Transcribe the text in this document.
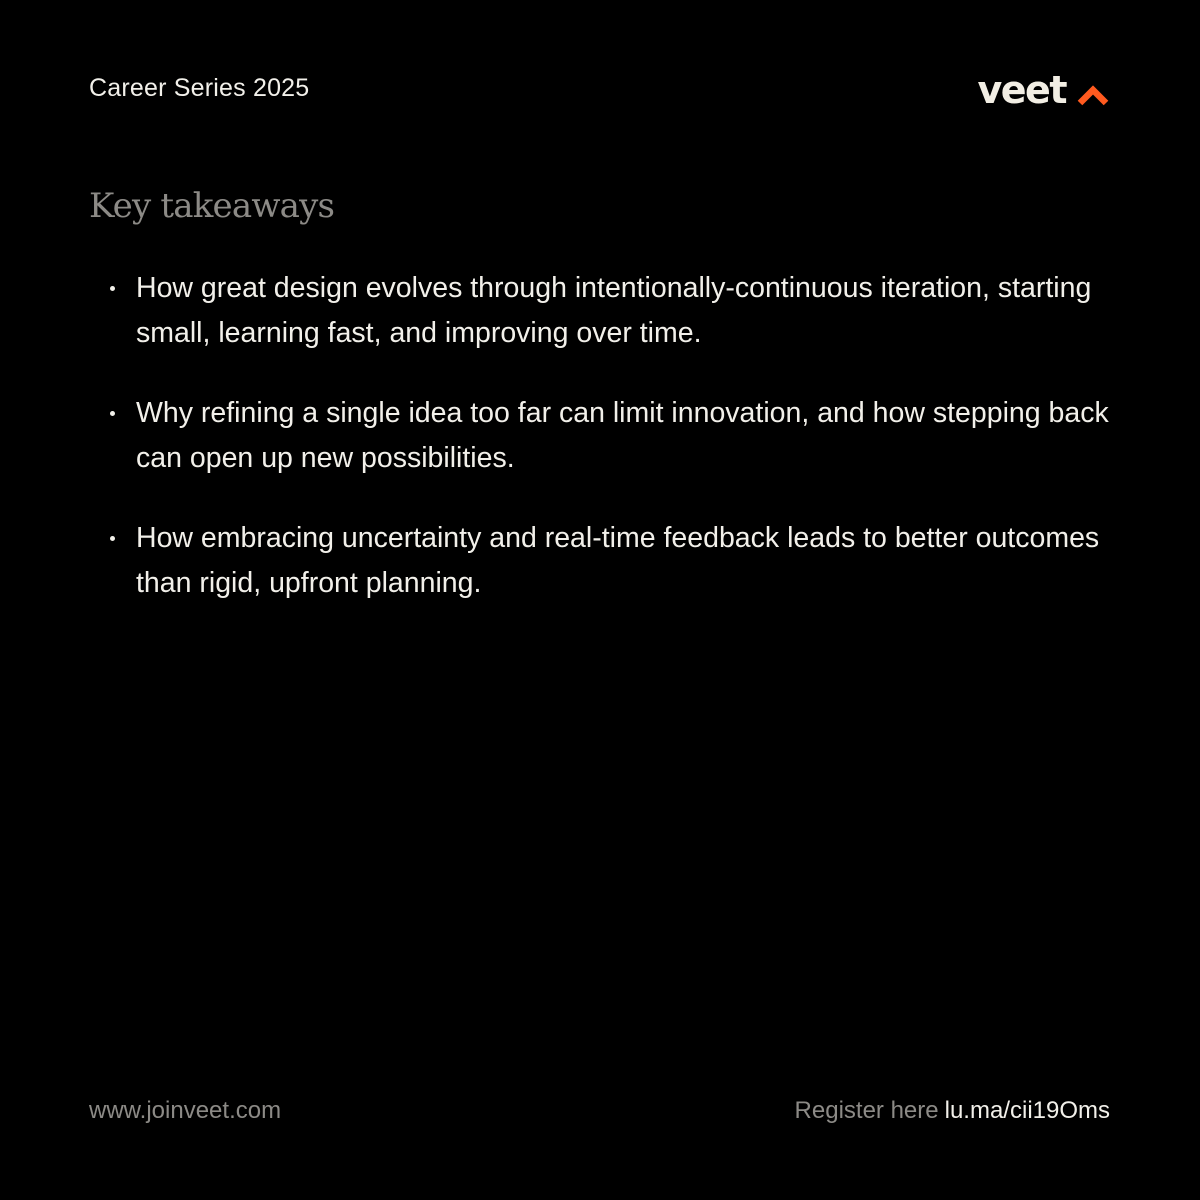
Career Series 2025	veet
Key takeaways
How great design evolves through intentionally-continuous iteration, starting small, learning fast, and improving over time.
Why refining a single idea too far can limit innovation, and how stepping back can open up new possibilities.
How embracing uncertainty and real-time feedback leads to better outcomes than rigid, upfront planning.
www.joinveet.com	Register here lu.ma/cii19Oms
